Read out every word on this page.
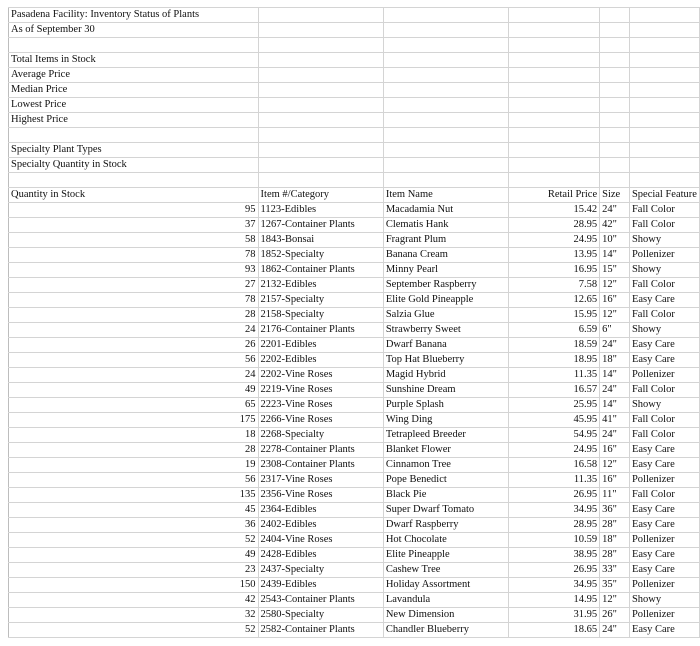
Pasadena Facility: Inventory Status of Plants					
As of September 30					

Total Items in Stock					
Average Price					
Median Price					
Lowest Price					
Highest Price					

Specialty Plant Types					
Specialty Quantity in Stock					

Quantity in Stock	Item #/Category	Item Name	Retail Price	Size	Special Feature
95	1123-Edibles	Macadamia Nut	15.42	24"	Fall Color
37	1267-Container Plants	Clematis Hank	28.95	42"	Fall Color
58	1843-Bonsai	Fragrant Plum	24.95	10"	Showy
78	1852-Specialty	Banana Cream	13.95	14"	Pollenizer
93	1862-Container Plants	Minny Pearl	16.95	15"	Showy
27	2132-Edibles	September Raspberry	7.58	12"	Fall Color
78	2157-Specialty	Elite Gold Pineapple	12.65	16"	Easy Care
28	2158-Specialty	Salzia Glue	15.95	12"	Fall Color
24	2176-Container Plants	Strawberry Sweet	6.59	6"	Showy
26	2201-Edibles	Dwarf Banana	18.59	24"	Easy Care
56	2202-Edibles	Top Hat Blueberry	18.95	18"	Easy Care
24	2202-Vine Roses	Magid Hybrid	11.35	14"	Pollenizer
49	2219-Vine Roses	Sunshine Dream	16.57	24"	Fall Color
65	2223-Vine Roses	Purple Splash	25.95	14"	Showy
175	2266-Vine Roses	Wing Ding	45.95	41"	Fall Color
18	2268-Specialty	Tetrapleed Breeder	54.95	24"	Fall Color
28	2278-Container Plants	Blanket Flower	24.95	16"	Easy Care
19	2308-Container Plants	Cinnamon Tree	16.58	12"	Easy Care
56	2317-Vine Roses	Pope Benedict	11.35	16"	Pollenizer
135	2356-Vine Roses	Black Pie	26.95	11"	Fall Color
45	2364-Edibles	Super Dwarf Tomato	34.95	36"	Easy Care
36	2402-Edibles	Dwarf Raspberry	28.95	28"	Easy Care
52	2404-Vine Roses	Hot Chocolate	10.59	18"	Pollenizer
49	2428-Edibles	Elite Pineapple	38.95	28"	Easy Care
23	2437-Specialty	Cashew Tree	26.95	33"	Easy Care
150	2439-Edibles	Holiday Assortment	34.95	35"	Pollenizer
42	2543-Container Plants	Lavandula	14.95	12"	Showy
32	2580-Specialty	New Dimension	31.95	26"	Pollenizer
52	2582-Container Plants	Chandler Blueberry	18.65	24"	Easy Care
